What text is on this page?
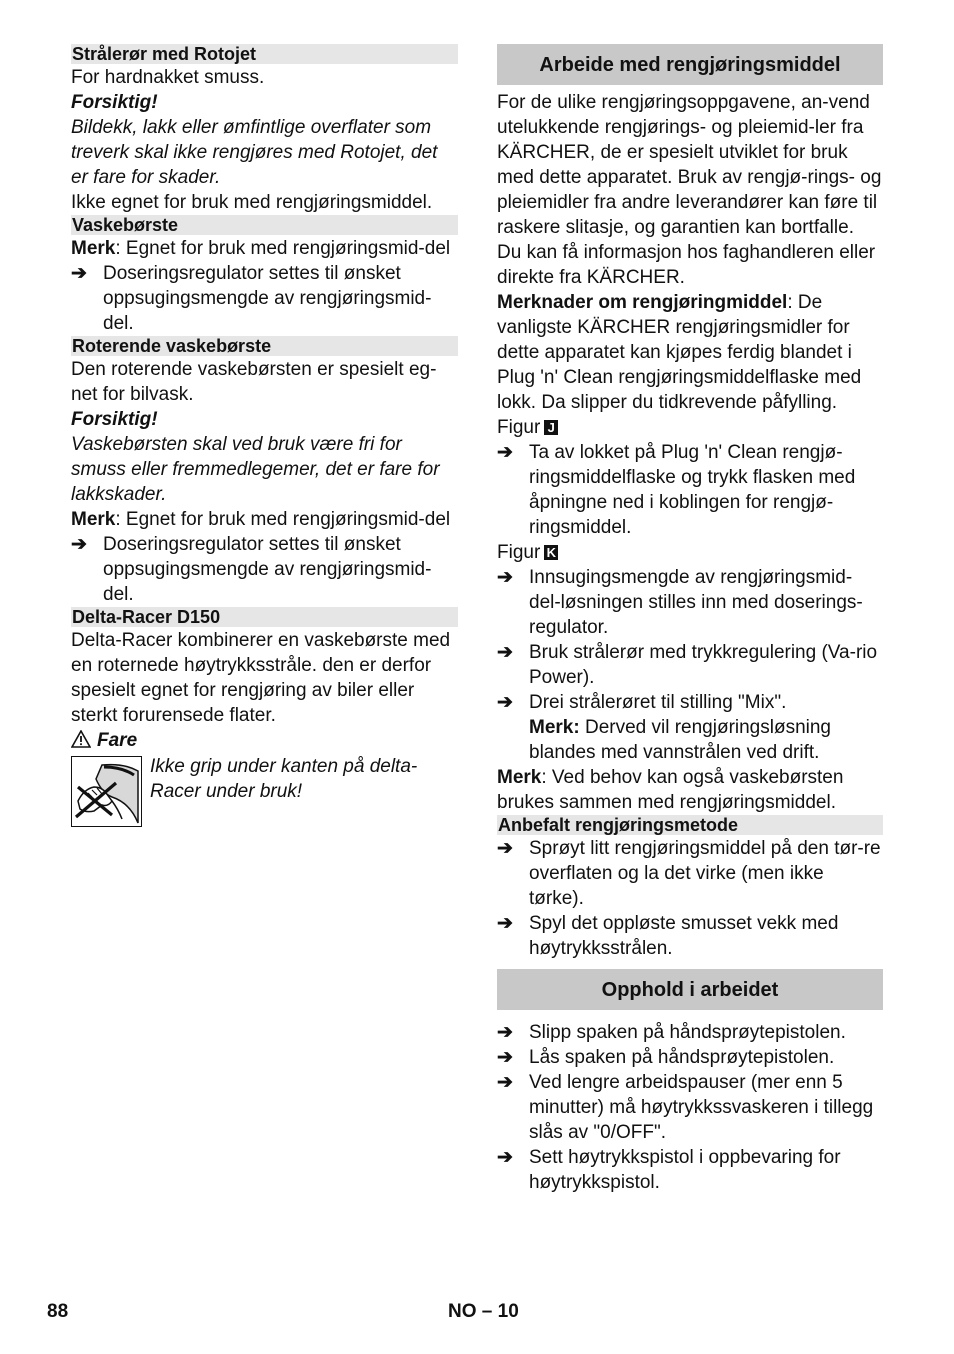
Strålerør med Rotojet

For hardnakket smuss.

Forsiktig!

Bildekk, lakk eller ømfintlige overflater som treverk skal ikke rengjøres med Rotojet, det er fare for skader.

Ikke egnet for bruk med rengjøringsmiddel.

Vaskebørste

Merk: Egnet for bruk med rengjøringsmid-del

➔ Doseringsregulator settes til ønsket oppsugingsmengde av rengjøringsmid-del.
Roterende vaskebørste

Den roterende vaskebørsten er spesielt eg-net for bilvask.

Forsiktig!

Vaskebørsten skal ved bruk være fri for smuss eller fremmedlegemer, det er fare for lakkskader.

Merk: Egnet for bruk med rengjøringsmid-del

➔ Doseringsregulator settes til ønsket oppsugingsmengde av rengjøringsmid-del.
Delta-Racer D150

Delta-Racer kombinerer en vaskebørste med en roternede høytrykksstråle. den er derfor spesielt egnet for rengjøring av biler eller sterkt forurensede flater.

Fare

Ikke grip under kanten på delta-Racer under bruk!

Arbeide med rengjøringsmiddel

For de ulike rengjøringsoppgavene, an-vend utelukkende rengjørings- og pleiemid-ler fra KÄRCHER, de er spesielt utviklet for bruk med dette apparatet. Bruk av rengjø-rings- og pleiemidler fra andre leverandører kan føre til raskere slitasje, og garantien kan bortfalle. Du kan få informasjon hos faghandleren eller direkte fra KÄRCHER.

Merknader om rengjøringmiddel: De vanligste KÄRCHER rengjøringsmidler for dette apparatet kan kjøpes ferdig blandet i Plug 'n' Clean rengjøringsmiddelflaske med lokk. Da slipper du tidkrevende påfylling.

Figur J

➔ Ta av lokket på Plug 'n' Clean rengjø-ringsmiddelflaske og trykk flasken med åpningne ned i koblingen for rengjø-ringsmiddel.

Figur K

➔ Innsugingsmengde av rengjøringsmid-del-løsningen stilles inn med doserings-regulator.
➔ Bruk strålerør med trykkregulering (Va-rio Power).
➔ Drei strålerøret til stilling "Mix".
Merk: Derved vil rengjøringsløsning blandes med vannstrålen ved drift.

Merk: Ved behov kan også vaskebørsten brukes sammen med rengjøringsmiddel.

Anbefalt rengjøringsmetode
➔ Sprøyt litt rengjøringsmiddel på den tør-re overflaten og la det virke (men ikke tørke).
➔ Spyl det oppløste smusset vekk med høytrykksstrålen.
Opphold i arbeidet
➔ Slipp spaken på håndsprøytepistolen.
➔ Lås spaken på håndsprøytepistolen.
➔ Ved lengre arbeidspauser (mer enn 5 minutter) må høytrykkssvaskeren i tillegg slås av "0/OFF".
➔ Sett høytrykkspistol i oppbevaring for høytrykkspistol.
88	NO – 10
